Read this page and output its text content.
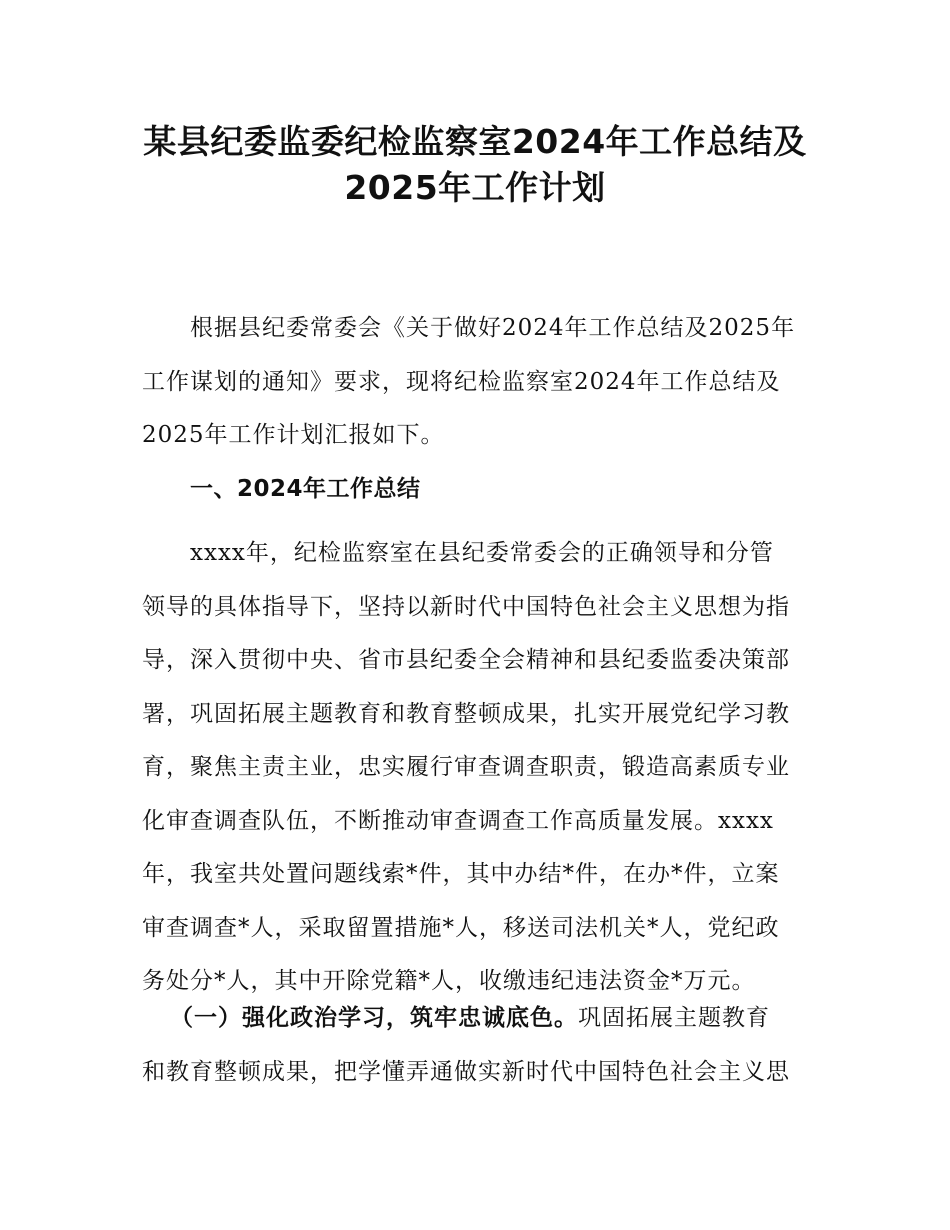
某县纪委监委纪检监察室2024年工作总结及
2025年工作计划
根据县纪委常委会《关于做好2024年工作总结及2025年
工作谋划的通知》要求，现将纪检监察室2024年工作总结及
2025年工作计划汇报如下。
一、2024年工作总结
xxxx年，纪检监察室在县纪委常委会的正确领导和分管
领导的具体指导下，坚持以新时代中国特色社会主义思想为指
导，深入贯彻中央、省市县纪委全会精神和县纪委监委决策部
署，巩固拓展主题教育和教育整顿成果，扎实开展党纪学习教
育，聚焦主责主业，忠实履行审查调查职责，锻造高素质专业
化审查调查队伍，不断推动审查调查工作高质量发展。xxxx
年，我室共处置问题线索*件，其中办结*件，在办*件，立案
审查调查*人，采取留置措施*人，移送司法机关*人，党纪政
务处分*人，其中开除党籍*人，收缴违纪违法资金*万元。
（一）强化政治学习，筑牢忠诚底色。巩固拓展主题教育
和教育整顿成果，把学懂弄通做实新时代中国特色社会主义思
